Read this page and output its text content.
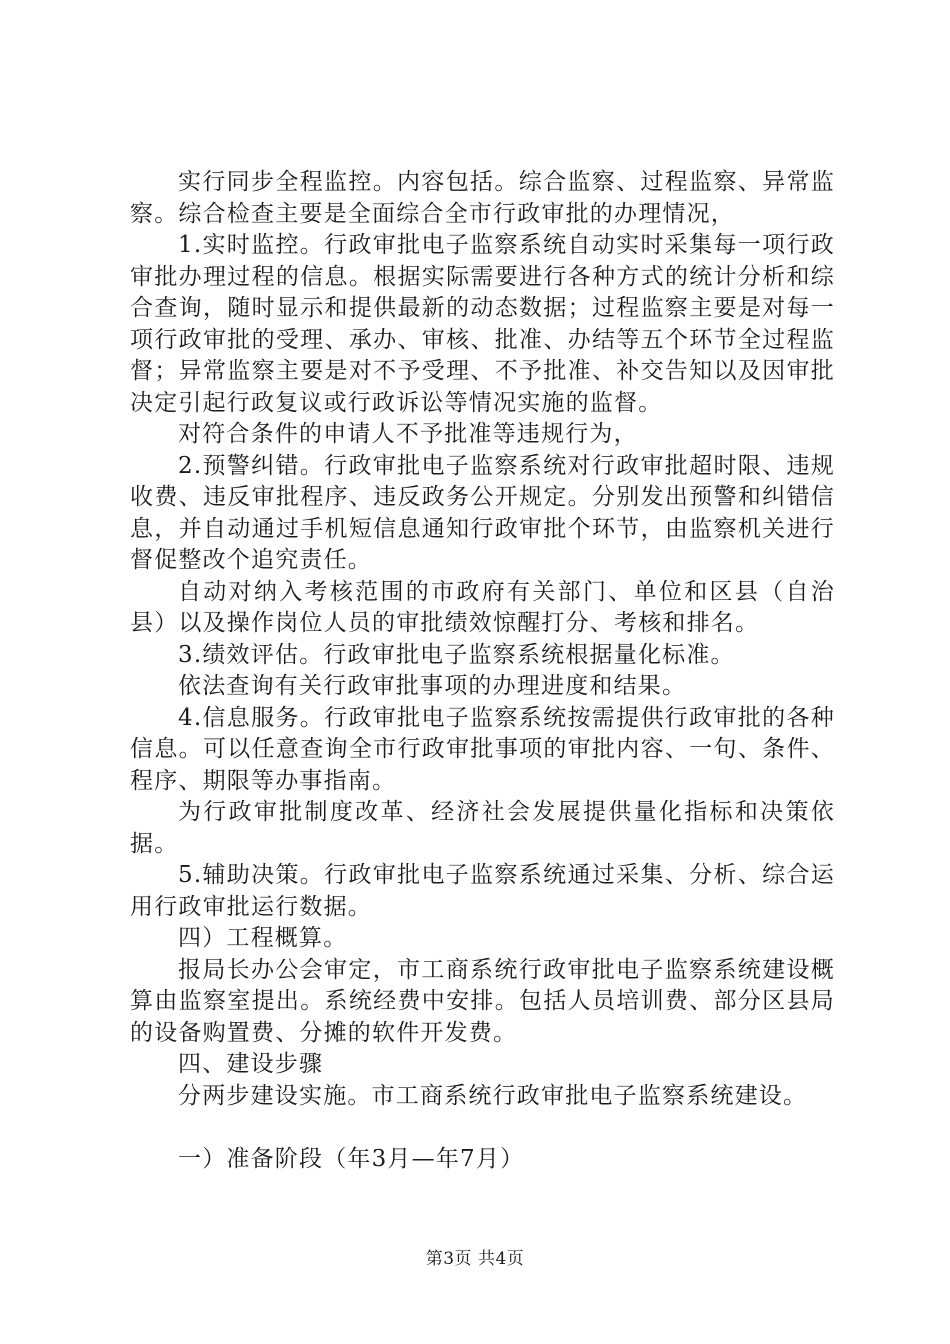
实行同步全程监控。内容包括。综合监察、过程监察、异常监察。综合检查主要是全面综合全市行政审批的办理情况，

1.实时监控。行政审批电子监察系统自动实时采集每一项行政审批办理过程的信息。根据实际需要进行各种方式的统计分析和综合查询，随时显示和提供最新的动态数据；过程监察主要是对每一项行政审批的受理、承办、审核、批准、办结等五个环节全过程监督；异常监察主要是对不予受理、不予批准、补交告知以及因审批决定引起行政复议或行政诉讼等情况实施的监督。

对符合条件的申请人不予批准等违规行为，

2.预警纠错。行政审批电子监察系统对行政审批超时限、违规收费、违反审批程序、违反政务公开规定。分别发出预警和纠错信息，并自动通过手机短信息通知行政审批个环节，由监察机关进行督促整改个追究责任。

自动对纳入考核范围的市政府有关部门、单位和区县（自治县）以及操作岗位人员的审批绩效惊醒打分、考核和排名。

3.绩效评估。行政审批电子监察系统根据量化标准。

依法查询有关行政审批事项的办理进度和结果。

4.信息服务。行政审批电子监察系统按需提供行政审批的各种信息。可以任意查询全市行政审批事项的审批内容、一句、条件、程序、期限等办事指南。

为行政审批制度改革、经济社会发展提供量化指标和决策依据。

5.辅助决策。行政审批电子监察系统通过采集、分析、综合运用行政审批运行数据。

四）工程概算。

报局长办公会审定，市工商系统行政审批电子监察系统建设概算由监察室提出。系统经费中安排。包括人员培训费、部分区县局的设备购置费、分摊的软件开发费。

四、建设步骤

分两步建设实施。市工商系统行政审批电子监察系统建设。

一）准备阶段（年3月—年7月）

第3页 共4页
